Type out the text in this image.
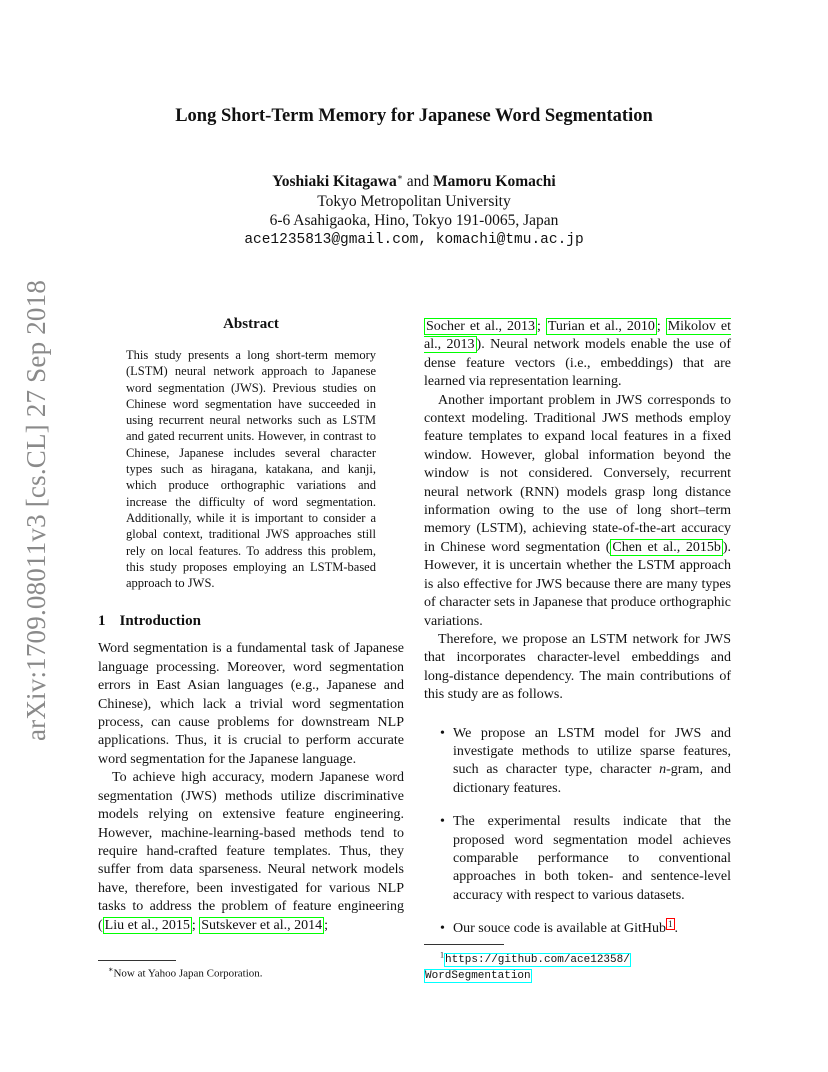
arXiv:1709.08011v3 [cs.CL] 27 Sep 2018
Long Short-Term Memory for Japanese Word Segmentation
Yoshiaki Kitagawa∗ and Mamoru Komachi
Tokyo Metropolitan University
6-6 Asahigaoka, Hino, Tokyo 191-0065, Japan
ace1235813@gmail.com, komachi@tmu.ac.jp
Abstract
This study presents a long short-term memory (LSTM) neural network approach to Japanese word segmentation (JWS). Previous studies on Chinese word segmentation have succeeded in using recurrent neural networks such as LSTM and gated recurrent units. However, in contrast to Chinese, Japanese includes several character types such as hiragana, katakana, and kanji, which produce orthographic variations and increase the difficulty of word segmentation. Additionally, while it is important to consider a global context, traditional JWS approaches still rely on local features. To address this problem, this study proposes employing an LSTM-based approach to JWS.
1 Introduction

Word segmentation is a fundamental task of Japanese language processing. Moreover, word segmentation errors in East Asian languages (e.g., Japanese and Chinese), which lack a trivial word segmentation process, can cause problems for downstream NLP applications. Thus, it is crucial to perform accurate word segmentation for the Japanese language.

To achieve high accuracy, modern Japanese word segmentation (JWS) methods utilize discriminative models relying on extensive feature engineering. However, machine-learning-based methods tend to require hand-crafted feature templates. Thus, they suffer from data sparseness. Neural network models have, therefore, been investigated for various NLP tasks to address the problem of feature engineering ( Liu et al., 2015 ; Sutskever et al., 2014 ;

Socher et al., 2013 ; Turian et al., 2010 ; Mikolov et al., 2013 ). Neural network models enable the use of dense feature vectors (i.e., embeddings) that are learned via representation learning.

Another important problem in JWS corresponds to context modeling. Traditional JWS methods employ feature templates to expand local features in a fixed window. However, global information beyond the window is not considered. Conversely, recurrent neural network (RNN) models grasp long distance information owing to the use of long short–term memory (LSTM), achieving state-of-the-art accuracy in Chinese word segmentation ( Chen et al., 2015b ). However, it is uncertain whether the LSTM approach is also effective for JWS because there are many types of character sets in Japanese that produce orthographic variations.

Therefore, we propose an LSTM network for JWS that incorporates character-level embeddings and long-distance dependency. The main contributions of this study are as follows.

• We propose an LSTM model for JWS and investigate methods to utilize sparse features, such as character type, character n-gram, and dictionary features.
• The experimental results indicate that the proposed word segmentation model achieves comparable performance to conventional approaches in both token- and sentence-level accuracy with respect to various datasets.
• Our souce code is available at GitHub $^1$ .
∗Now at Yahoo Japan Corporation.
$^1$https://github.com/ace12358/
WordSegmentation
